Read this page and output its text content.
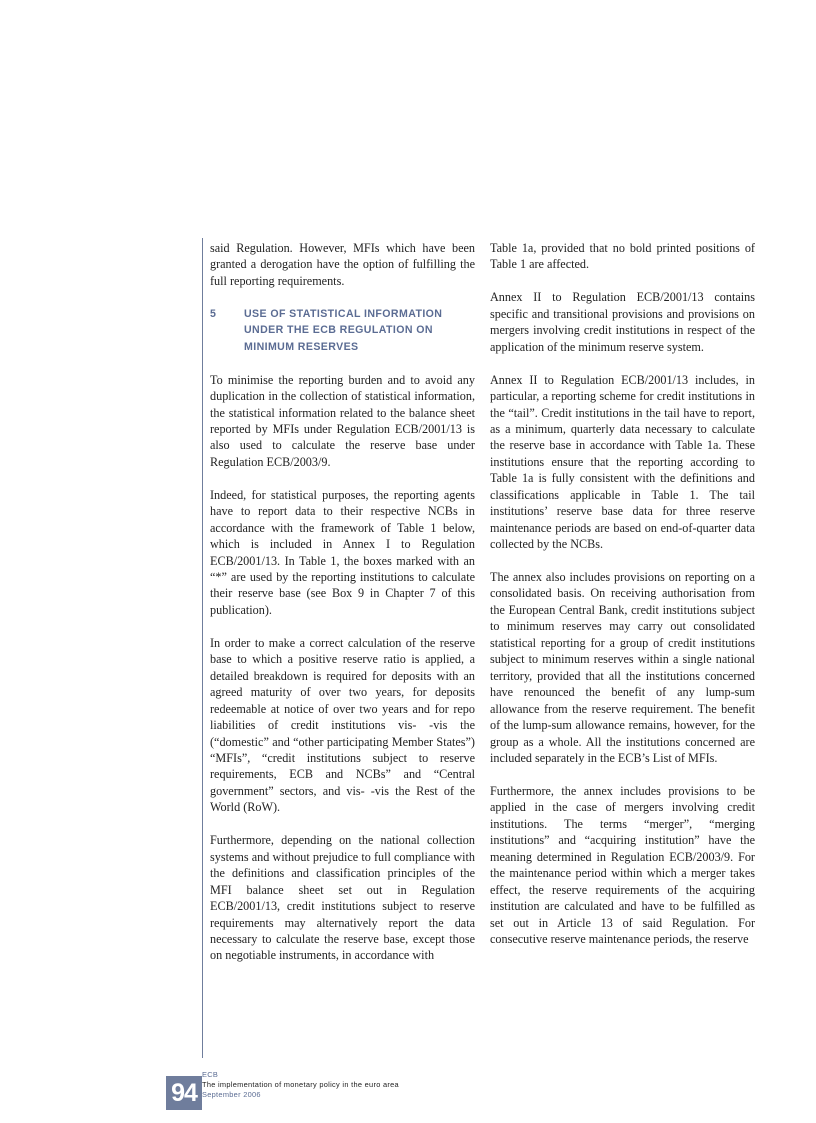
said Regulation. However, MFIs which have been granted a derogation have the option of fulfilling the full reporting requirements.

5	USE OF STATISTICAL INFORMATION UNDER THE ECB REGULATION ON MINIMUM RESERVES

To minimise the reporting burden and to avoid any duplication in the collection of statistical information, the statistical information related to the balance sheet reported by MFIs under Regulation ECB/2001/13 is also used to calculate the reserve base under Regulation ECB/2003/9.

Indeed, for statistical purposes, the reporting agents have to report data to their respective NCBs in accordance with the framework of Table 1 below, which is included in Annex I to Regulation ECB/2001/13. In Table 1, the boxes marked with an “*” are used by the reporting institutions to calculate their reserve base (see Box 9 in Chapter 7 of this publication).

In order to make a correct calculation of the reserve base to which a positive reserve ratio is applied, a detailed breakdown is required for deposits with an agreed maturity of over two years, for deposits redeemable at notice of over two years and for repo liabilities of credit institutions vis- -vis the (“domestic” and “other participating Member States”) “MFIs”, “credit institutions subject to reserve requirements, ECB and NCBs” and “Central government” sectors, and vis- -vis the Rest of the World (RoW).

Furthermore, depending on the national collection systems and without prejudice to full compliance with the definitions and classification principles of the MFI balance sheet set out in Regulation ECB/2001/13, credit institutions subject to reserve requirements may alternatively report the data necessary to calculate the reserve base, except those on negotiable instruments, in accordance with

Table 1a, provided that no bold printed positions of Table 1 are affected.

Annex II to Regulation ECB/2001/13 contains specific and transitional provisions and provisions on mergers involving credit institutions in respect of the application of the minimum reserve system.

Annex II to Regulation ECB/2001/13 includes, in particular, a reporting scheme for credit institutions in the “tail”. Credit institutions in the tail have to report, as a minimum, quarterly data necessary to calculate the reserve base in accordance with Table 1a. These institutions ensure that the reporting according to Table 1a is fully consistent with the definitions and classifications applicable in Table 1. The tail institutions’ reserve base data for three reserve maintenance periods are based on end-of-quarter data collected by the NCBs.

The annex also includes provisions on reporting on a consolidated basis. On receiving authorisation from the European Central Bank, credit institutions subject to minimum reserves may carry out consolidated statistical reporting for a group of credit institutions subject to minimum reserves within a single national territory, provided that all the institutions concerned have renounced the benefit of any lump-sum allowance from the reserve requirement. The benefit of the lump-sum allowance remains, however, for the group as a whole. All the institutions concerned are included separately in the ECB’s List of MFIs.

Furthermore, the annex includes provisions to be applied in the case of mergers involving credit institutions. The terms “merger”, “merging institutions” and “acquiring institution” have the meaning determined in Regulation ECB/2003/9. For the maintenance period within which a merger takes effect, the reserve requirements of the acquiring institution are calculated and have to be fulfilled as set out in Article 13 of said Regulation. For consecutive reserve maintenance periods, the reserve

94
ECB
The implementation of monetary policy in the euro area
September 2006
